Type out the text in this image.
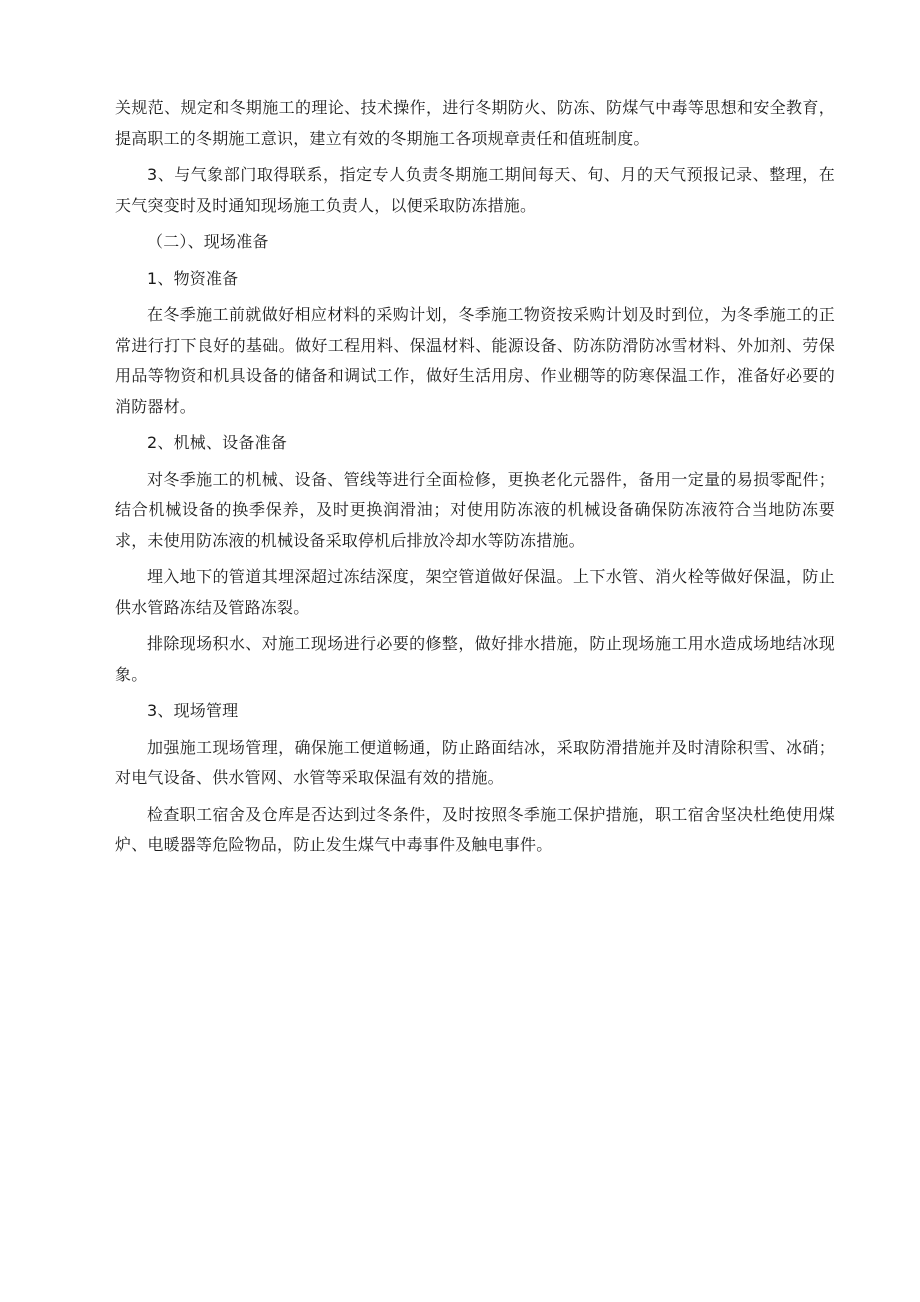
关规范、规定和冬期施工的理论、技术操作，进行冬期防火、防冻、防煤气中毒等思想和安全教育，提高职工的冬期施工意识，建立有效的冬期施工各项规章责任和值班制度。

3、与气象部门取得联系，指定专人负责冬期施工期间每天、旬、月的天气预报记录、整理，在天气突变时及时通知现场施工负责人，以便采取防冻措施。

（二）、现场准备

1、物资准备

在冬季施工前就做好相应材料的采购计划，冬季施工物资按采购计划及时到位，为冬季施工的正常进行打下良好的基础。做好工程用料、保温材料、能源设备、防冻防滑防冰雪材料、外加剂、劳保用品等物资和机具设备的储备和调试工作，做好生活用房、作业棚等的防寒保温工作，准备好必要的消防器材。

2、机械、设备准备

对冬季施工的机械、设备、管线等进行全面检修，更换老化元器件，备用一定量的易损零配件；结合机械设备的换季保养，及时更换润滑油；对使用防冻液的机械设备确保防冻液符合当地防冻要求，未使用防冻液的机械设备采取停机后排放冷却水等防冻措施。

埋入地下的管道其埋深超过冻结深度，架空管道做好保温。上下水管、消火栓等做好保温，防止供水管路冻结及管路冻裂。

排除现场积水、对施工现场进行必要的修整，做好排水措施，防止现场施工用水造成场地结冰现象。

3、现场管理

加强施工现场管理，确保施工便道畅通，防止路面结冰，采取防滑措施并及时清除积雪、冰硝；对电气设备、供水管网、水管等采取保温有效的措施。

检查职工宿舍及仓库是否达到过冬条件，及时按照冬季施工保护措施，职工宿舍坚决杜绝使用煤炉、电暖器等危险物品，防止发生煤气中毒事件及触电事件。
